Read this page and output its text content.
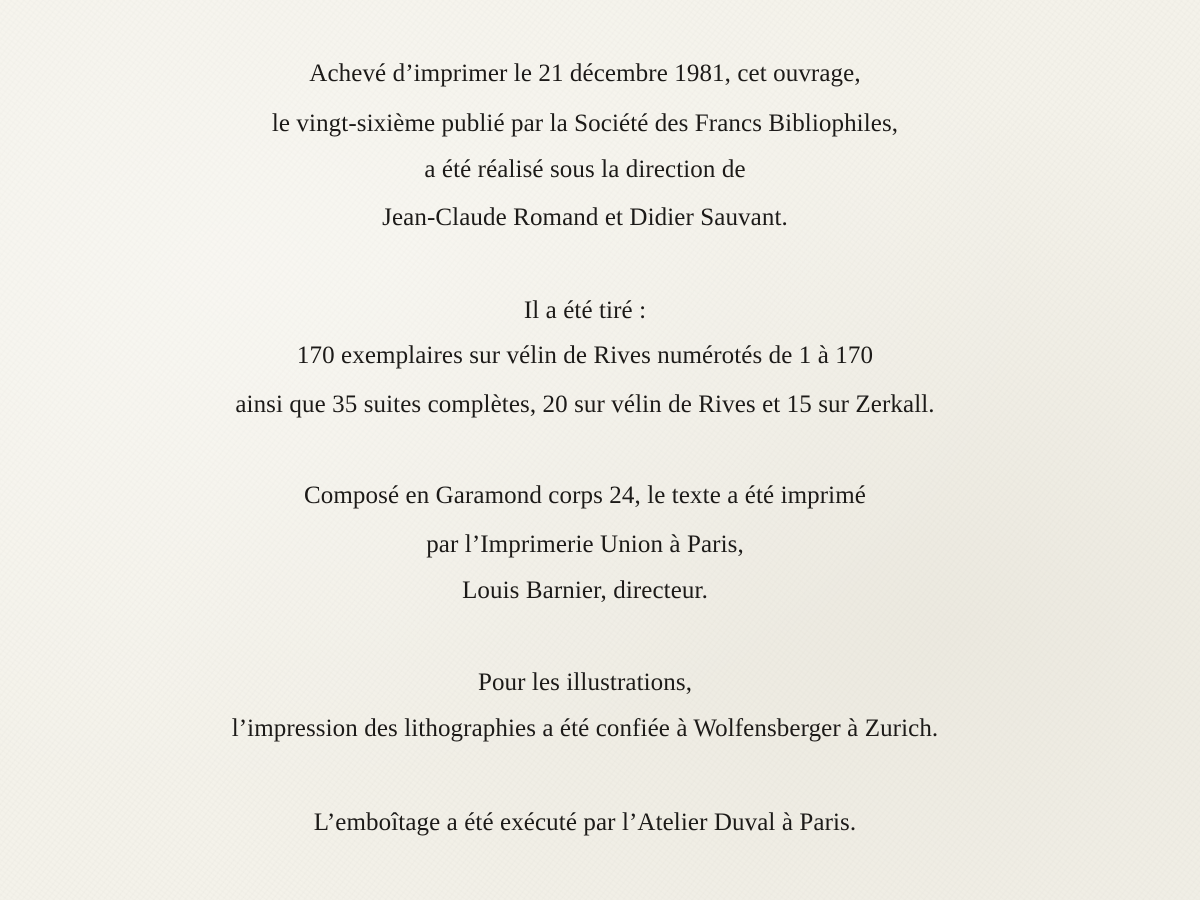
Achevé d’imprimer le 21 décembre 1981, cet ouvrage,
le vingt-sixième publié par la Société des Francs Bibliophiles,
a été réalisé sous la direction de
Jean-Claude Romand et Didier Sauvant.
Il a été tiré :
170 exemplaires sur vélin de Rives numérotés de 1 à 170
ainsi que 35 suites complètes, 20 sur vélin de Rives et 15 sur Zerkall.
Composé en Garamond corps 24, le texte a été imprimé
par l’Imprimerie Union à Paris,
Louis Barnier, directeur.
Pour les illustrations,
l’impression des lithographies a été confiée à Wolfensberger à Zurich.
L’emboîtage a été exécuté par l’Atelier Duval à Paris.
